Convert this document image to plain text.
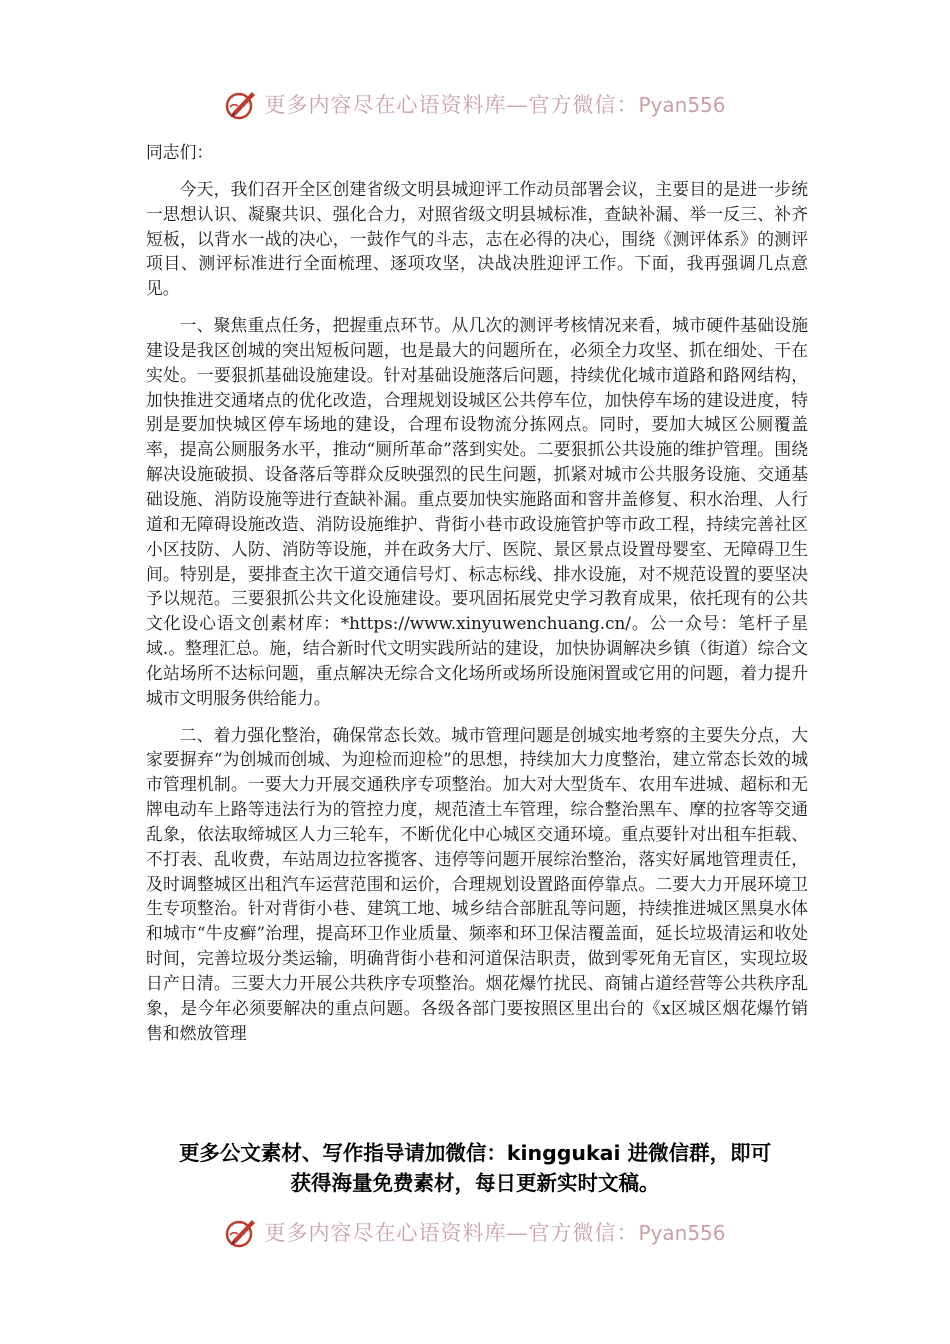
更多内容尽在心语资料库—官方微信：Pyan556

同志们：

今天，我们召开全区创建省级文明县城迎评工作动员部署会议，主要目的是进一步统一思想认识、凝聚共识、强化合力，对照省级文明县城标准，查缺补漏、举一反三、补齐短板，以背水一战的决心，一鼓作气的斗志，志在必得的决心，围绕《测评体系》的测评项目、测评标准进行全面梳理、逐项攻坚，决战决胜迎评工作。下面，我再强调几点意见。

一、聚焦重点任务，把握重点环节。从几次的测评考核情况来看，城市硬件基础设施建设是我区创城的突出短板问题，也是最大的问题所在，必须全力攻坚、抓在细处、干在实处。一要狠抓基础设施建设。针对基础设施落后问题，持续优化城市道路和路网结构，加快推进交通堵点的优化改造，合理规划设城区公共停车位，加快停车场的建设进度，特别是要加快城区停车场地的建设，合理布设物流分拣网点。同时，要加大城区公厕覆盖率，提高公厕服务水平，推动“厕所革命”落到实处。二要狠抓公共设施的维护管理。围绕解决设施破损、设备落后等群众反映强烈的民生问题，抓紧对城市公共服务设施、交通基础设施、消防设施等进行查缺补漏。重点要加快实施路面和窨井盖修复、积水治理、人行道和无障碍设施改造、消防设施维护、背街小巷市政设施管护等市政工程，持续完善社区小区技防、人防、消防等设施，并在政务大厅、医院、景区景点设置母婴室、无障碍卫生间。特别是，要排查主次干道交通信号灯、标志标线、排水设施，对不规范设置的要坚决予以规范。三要狠抓公共文化设施建设。要巩固拓展党史学习教育成果，依托现有的公共文化设心语文创素材库：*https://www.xinyuwenchuang.cn/。公一众号：笔杆子星域.。整理汇总。施，结合新时代文明实践所站的建设，加快协调解决乡镇（街道）综合文化站场所不达标问题，重点解决无综合文化场所或场所设施闲置或它用的问题，着力提升城市文明服务供给能力。

二、着力强化整治，确保常态长效。城市管理问题是创城实地考察的主要失分点，大家要摒弃“为创城而创城、为迎检而迎检”的思想，持续加大力度整治，建立常态长效的城市管理机制。一要大力开展交通秩序专项整治。加大对大型货车、农用车进城、超标和无牌电动车上路等违法行为的管控力度，规范渣土车管理，综合整治黑车、摩的拉客等交通乱象，依法取缔城区人力三轮车，不断优化中心城区交通环境。重点要针对出租车拒载、不打表、乱收费，车站周边拉客揽客、违停等问题开展综治整治，落实好属地管理责任，及时调整城区出租汽车运营范围和运价，合理规划设置路面停靠点。二要大力开展环境卫生专项整治。针对背街小巷、建筑工地、城乡结合部脏乱等问题，持续推进城区黑臭水体和城市“牛皮癣”治理，提高环卫作业质量、频率和环卫保洁覆盖面，延长垃圾清运和收处时间，完善垃圾分类运输，明确背街小巷和河道保洁职责，做到零死角无盲区，实现垃圾日产日清。三要大力开展公共秩序专项整治。烟花爆竹扰民、商铺占道经营等公共秩序乱象，是今年必须要解决的重点问题。各级各部门要按照区里出台的《x区城区烟花爆竹销售和燃放管理

更多公文素材、写作指导请加微信：kinggukai 进微信群，即可
获得海量免费素材，每日更新实时文稿。
更多内容尽在心语资料库—官方微信：Pyan556
